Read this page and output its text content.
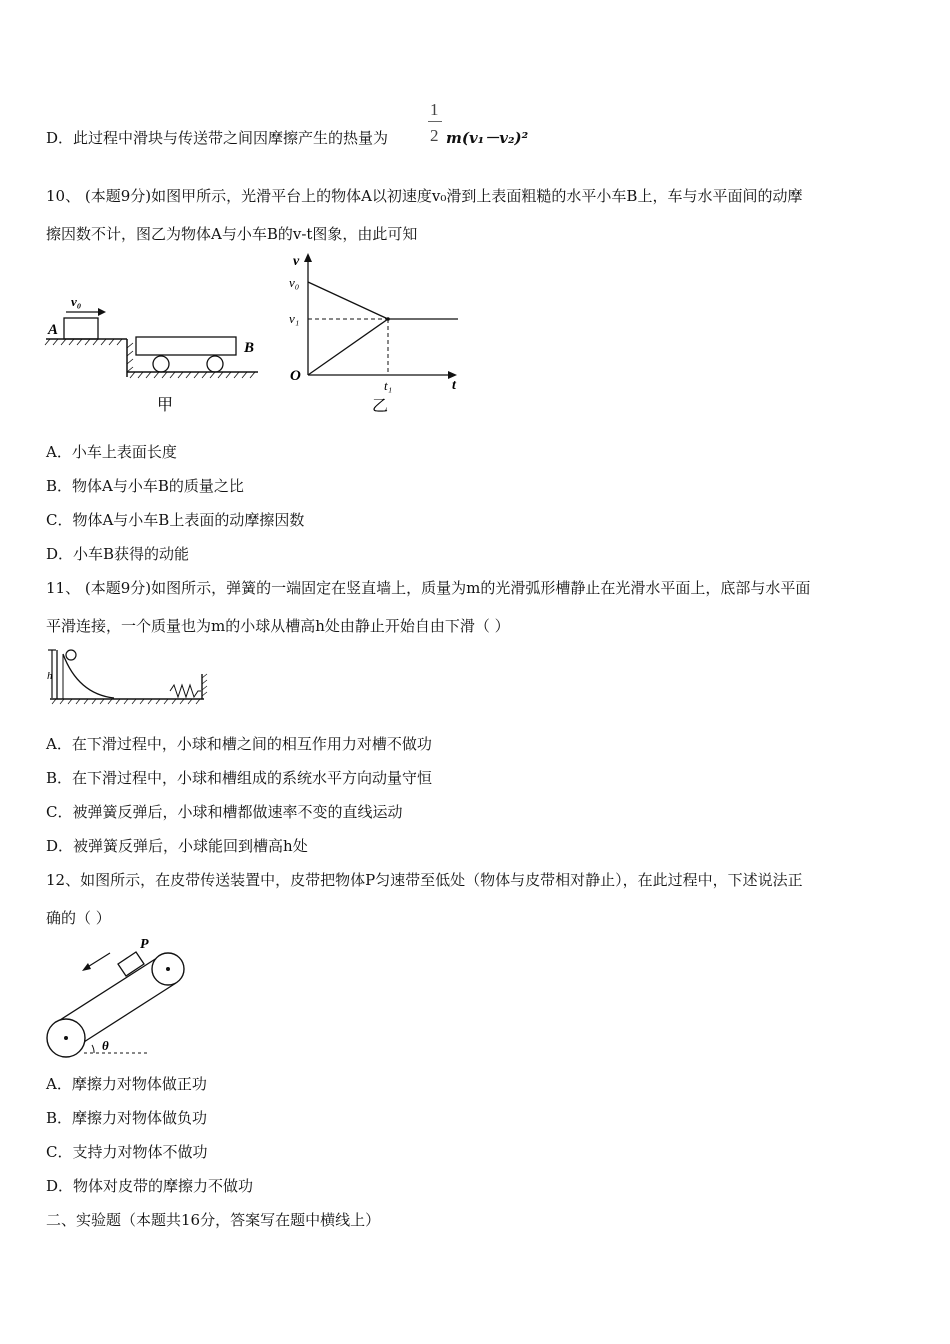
D．此过程中滑块与传送带之间因摩擦产生的热量为
1
2 m(v₁－v₂)²
10、 (本题9分)如图甲所示，光滑平台上的物体A以初速度v₀滑到上表面粗糙的水平小车B上，车与水平面间的动摩
擦因数不计，图乙为物体A与小车B的v-t图象，由此可知
v₀
A
B
甲
v
t
O
v₀
v₁
t₁
乙
A．小车上表面长度
B．物体A与小车B的质量之比
C．物体A与小车B上表面的动摩擦因数
D．小车B获得的动能
11、 (本题9分)如图所示，弹簧的一端固定在竖直墙上，质量为m的光滑弧形槽静止在光滑水平面上，底部与水平面
平滑连接，一个质量也为m的小球从槽高h处由静止开始自由下滑（ ）
h
A．在下滑过程中，小球和槽之间的相互作用力对槽不做功
B．在下滑过程中，小球和槽组成的系统水平方向动量守恒
C．被弹簧反弹后，小球和槽都做速率不变的直线运动
D．被弹簧反弹后，小球能回到槽高h处
12、如图所示，在皮带传送装置中，皮带把物体P匀速带至低处（物体与皮带相对静止），在此过程中，下述说法正
确的（ ）
P
θ
A．摩擦力对物体做正功
B．摩擦力对物体做负功
C．支持力对物体不做功
D．物体对皮带的摩擦力不做功
二、实验题（本题共16分，答案写在题中横线上）
